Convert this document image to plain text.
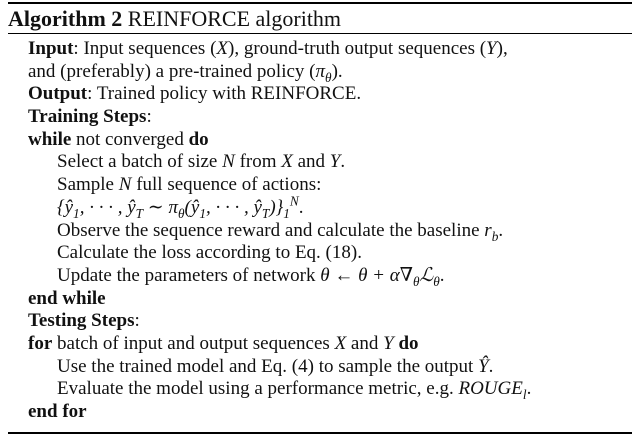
Algorithm 2 REINFORCE algorithm
Input: Input sequences (X), ground-truth output sequences (Y),
and (preferably) a pre-trained policy $(\pi_\theta)$.
Output: Trained policy with REINFORCE.
Training Steps:
while not converged do
Select a batch of size N from X and Y.
Sample N full sequence of actions:
{$ŷ_1$, · · · , $ŷ_T$ ∼ $\pi_\theta(ŷ_1$, · · · , $ŷ_T)\}_1^N$.
Observe the sequence reward and calculate the baseline $r_b$.
Calculate the loss according to Eq. (18).
Update the parameters of network θ ← $\theta + \alpha\nabla_\theta ℒ_\theta$.
end while
Testing Steps:
for batch of input and output sequences X and Y do
Use the trained model and Eq. (4) to sample the output Ŷ.
Evaluate the model using a performance metric, e.g. $ROUGE_l$.
end for
